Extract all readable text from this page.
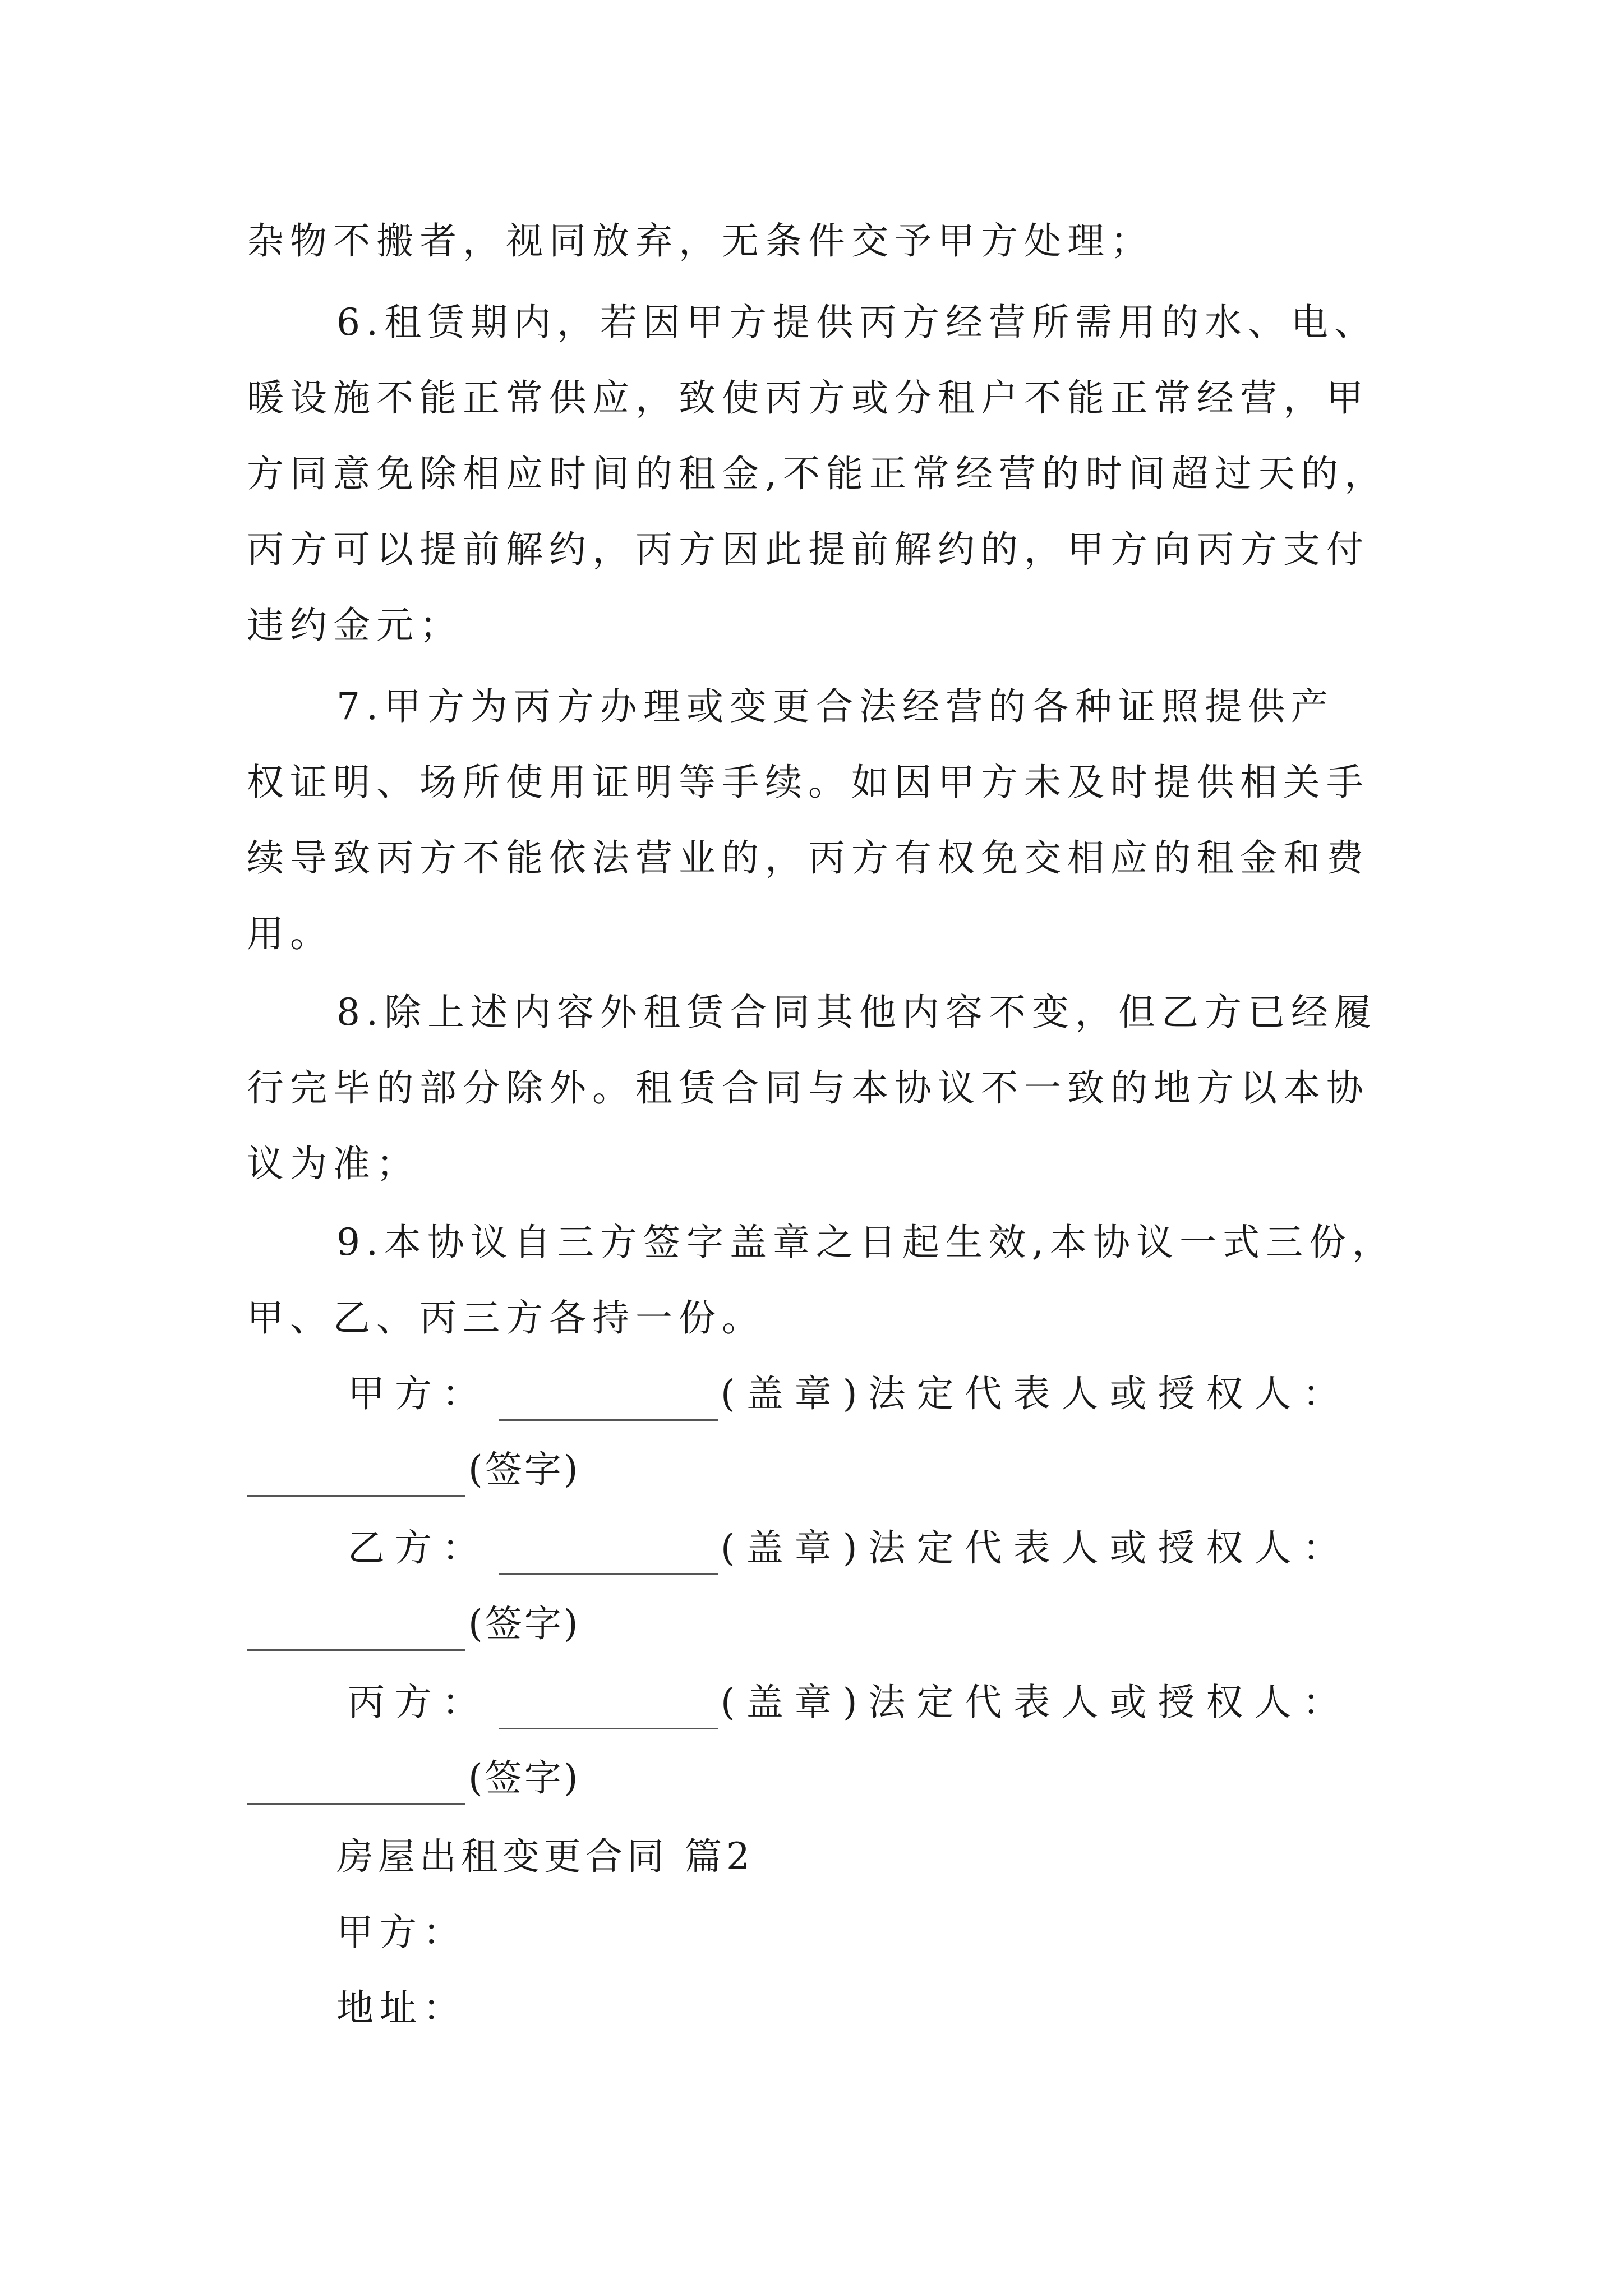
杂物不搬者，视同放弃，无条件交予甲方处理；
6.租赁期内，若因甲方提供丙方经营所需用的水、电、
暖设施不能正常供应，致使丙方或分租户不能正常经营，甲
方同意免除相应时间的租金,不能正常经营的时间超过天的，
丙方可以提前解约，丙方因此提前解约的，甲方向丙方支付
违约金元；
7.甲方为丙方办理或变更合法经营的各种证照提供产
权证明、场所使用证明等手续。如因甲方未及时提供相关手
续导致丙方不能依法营业的，丙方有权免交相应的租金和费
用。
8.除上述内容外租赁合同其他内容不变，但乙方已经履
行完毕的部分除外。租赁合同与本协议不一致的地方以本协
议为准；
9.本协议自三方签字盖章之日起生效,本协议一式三份，
甲、乙、丙三方各持一份。
甲方：	(盖章)法定代表人或授权人：
(签字)
乙方：	(盖章)法定代表人或授权人：
(签字)
丙方：	(盖章)法定代表人或授权人：
(签字)
房屋出租变更合同 篇2
甲方：
地址：
